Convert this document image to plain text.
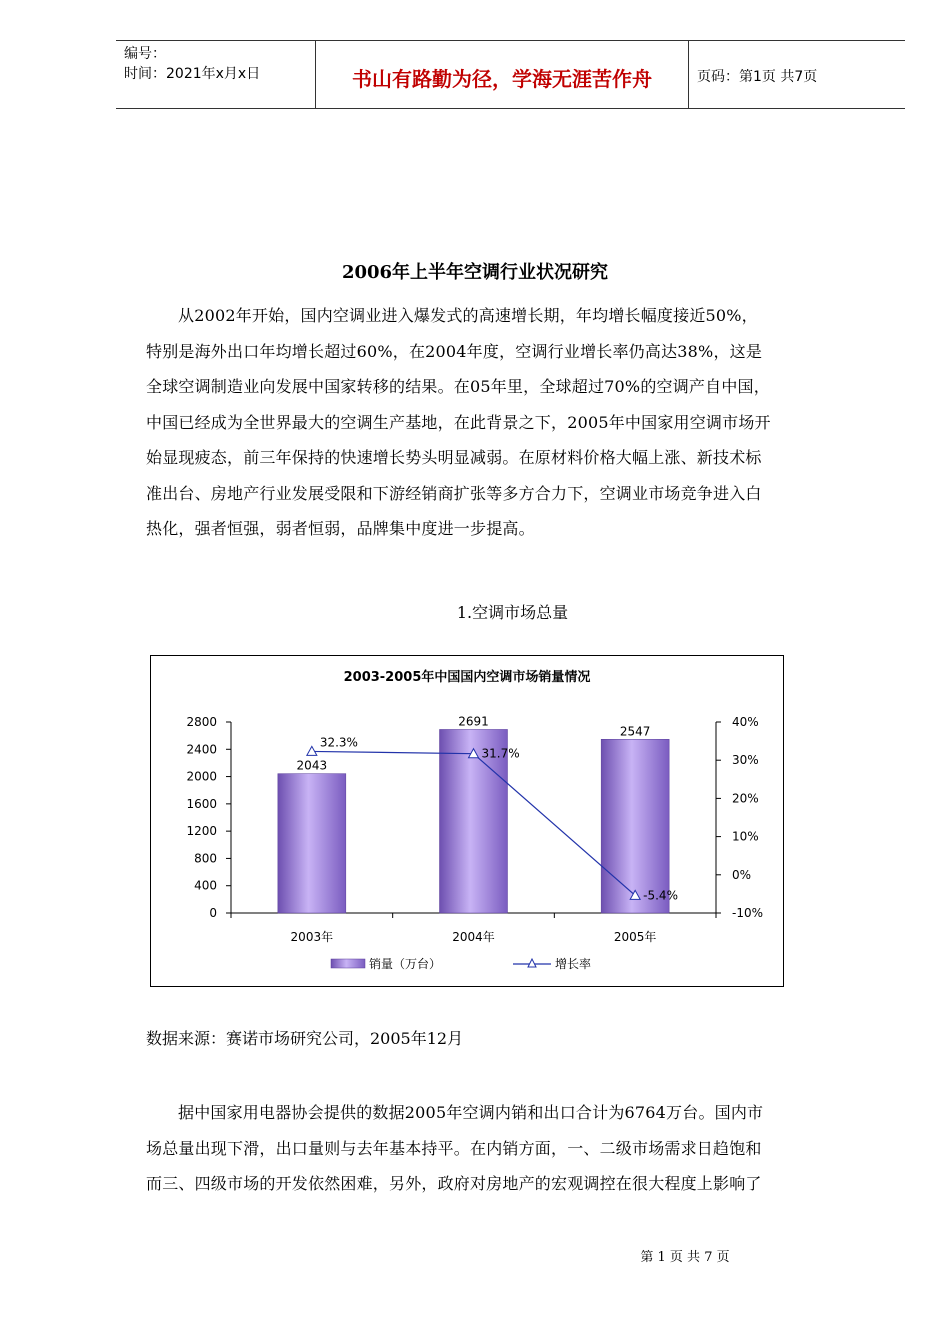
编号：
时间：2021年x月x日	书山有路勤为径，学海无涯苦作舟	页码：第1页 共7页
2006年上半年空调行业状况研究
从2002年开始，国内空调业进入爆发式的高速增长期，年均增长幅度接近50%，
特别是海外出口年均增长超过60%，在2004年度，空调行业增长率仍高达38%，这是
全球空调制造业向发展中国家转移的结果。在05年里，全球超过70%的空调产自中国，
中国已经成为全世界最大的空调生产基地，在此背景之下，2005年中国家用空调市场开
始显现疲态，前三年保持的快速增长势头明显减弱。在原材料价格大幅上涨、新技术标
准出台、房地产行业发展受限和下游经销商扩张等多方合力下，空调业市场竞争进入白
热化，强者恒强，弱者恒弱，品牌集中度进一步提高。
1.空调市场总量
2003-2005年中国国内空调市场销量情况
0
400
800
1200
1600
2000
2400
2800
-10%
0%
10%
20%
30%
40%
2043
2691
2547
32.3%
31.7%
-5.4%
2003年	2004年	2005年
销量（万台）	增长率
数据来源：赛诺市场研究公司，2005年12月
据中国家用电器协会提供的数据2005年空调内销和出口合计为6764万台。国内市
场总量出现下滑，出口量则与去年基本持平。在内销方面，一、二级市场需求日趋饱和
而三、四级市场的开发依然困难，另外，政府对房地产的宏观调控在很大程度上影响了
第 1 页 共 7 页
